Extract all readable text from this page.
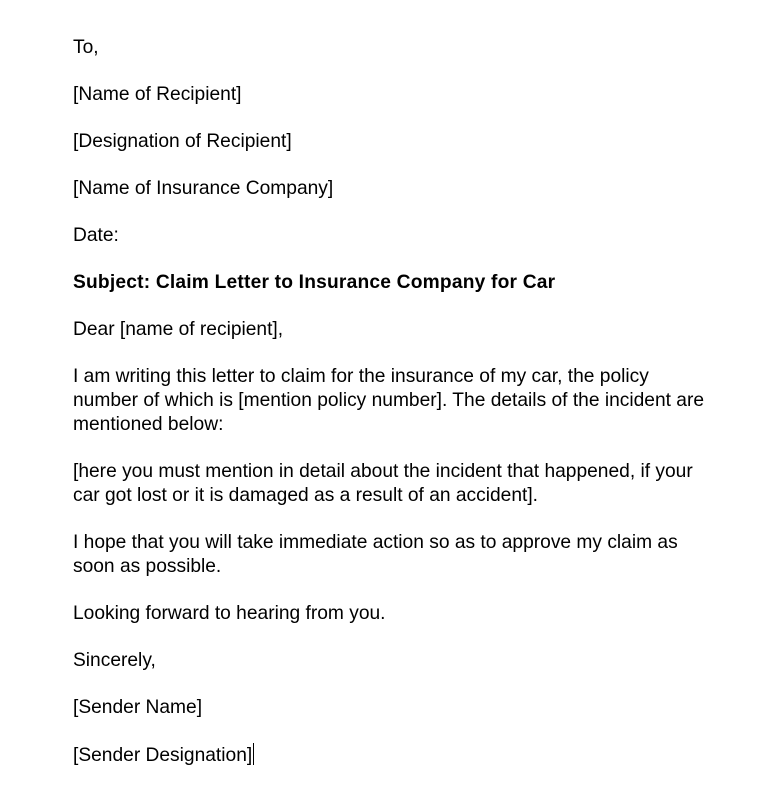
To,

[Name of Recipient]

[Designation of Recipient]

[Name of Insurance Company]

Date:

Subject: Claim Letter to Insurance Company for Car

Dear [name of recipient],

I am writing this letter to claim for the insurance of my car, the policy number of which is [mention policy number]. The details of the incident are mentioned below:

[here you must mention in detail about the incident that happened, if your car got lost or it is damaged as a result of an accident].

I hope that you will take immediate action so as to approve my claim as soon as possible.

Looking forward to hearing from you.

Sincerely,

[Sender Name]

[Sender Designation]
